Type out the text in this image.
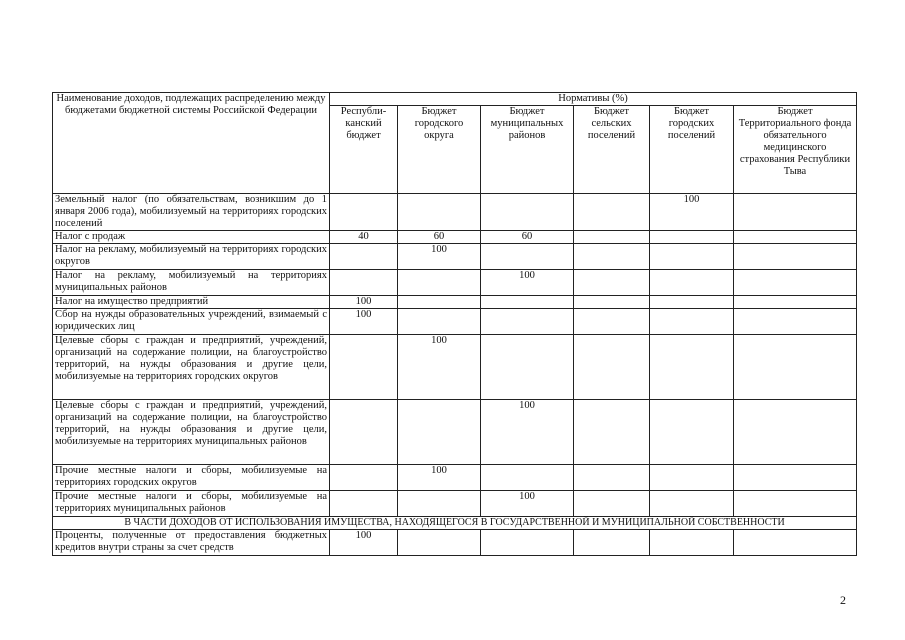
Наименование доходов, подлежащих распределению между бюджетами бюджетной системы Российской Федерации	Нормативы (%)					
	Республи-канский бюджет	Бюджет городского округа	Бюджет муниципальных районов	Бюджет сельских поселений	Бюджет городских поселений	Бюджет Территориального фонда обязательного медицинского страхования Республики Тыва
Земельный налог (по обязательствам, возникшим до 1 января 2006 года), мобилизуемый на территориях городских поселений					100	
Налог с продаж	40	60	60			
Налог на рекламу, мобилизуемый на территориях городских округов		100				
Налог на рекламу, мобилизуемый на территориях муниципальных районов			100			
Налог на имущество предприятий	100					
Сбор на нужды образовательных учреждений, взимаемый с юридических лиц	100					
Целевые сборы с граждан и предприятий, учреждений, организаций на содержание полиции, на благоустройство территорий, на нужды образования и другие цели, мобилизуемые на территориях городских округов		100				
Целевые сборы с граждан и предприятий, учреждений, организаций на содержание полиции, на благоустройство территорий, на нужды образования и другие цели, мобилизуемые на территориях муниципальных районов			100			
Прочие местные налоги и сборы, мобилизуемые на территориях городских округов		100				
Прочие местные налоги и сборы, мобилизуемые на территориях муниципальных районов			100			
В ЧАСТИ ДОХОДОВ ОТ ИСПОЛЬЗОВАНИЯ ИМУЩЕСТВА, НАХОДЯЩЕГОСЯ В ГОСУДАРСТВЕННОЙ И МУНИЦИПАЛЬНОЙ СОБСТВЕННОСТИ						
Проценты, полученные от предоставления бюджетных кредитов внутри страны за счет средств	100					
2
